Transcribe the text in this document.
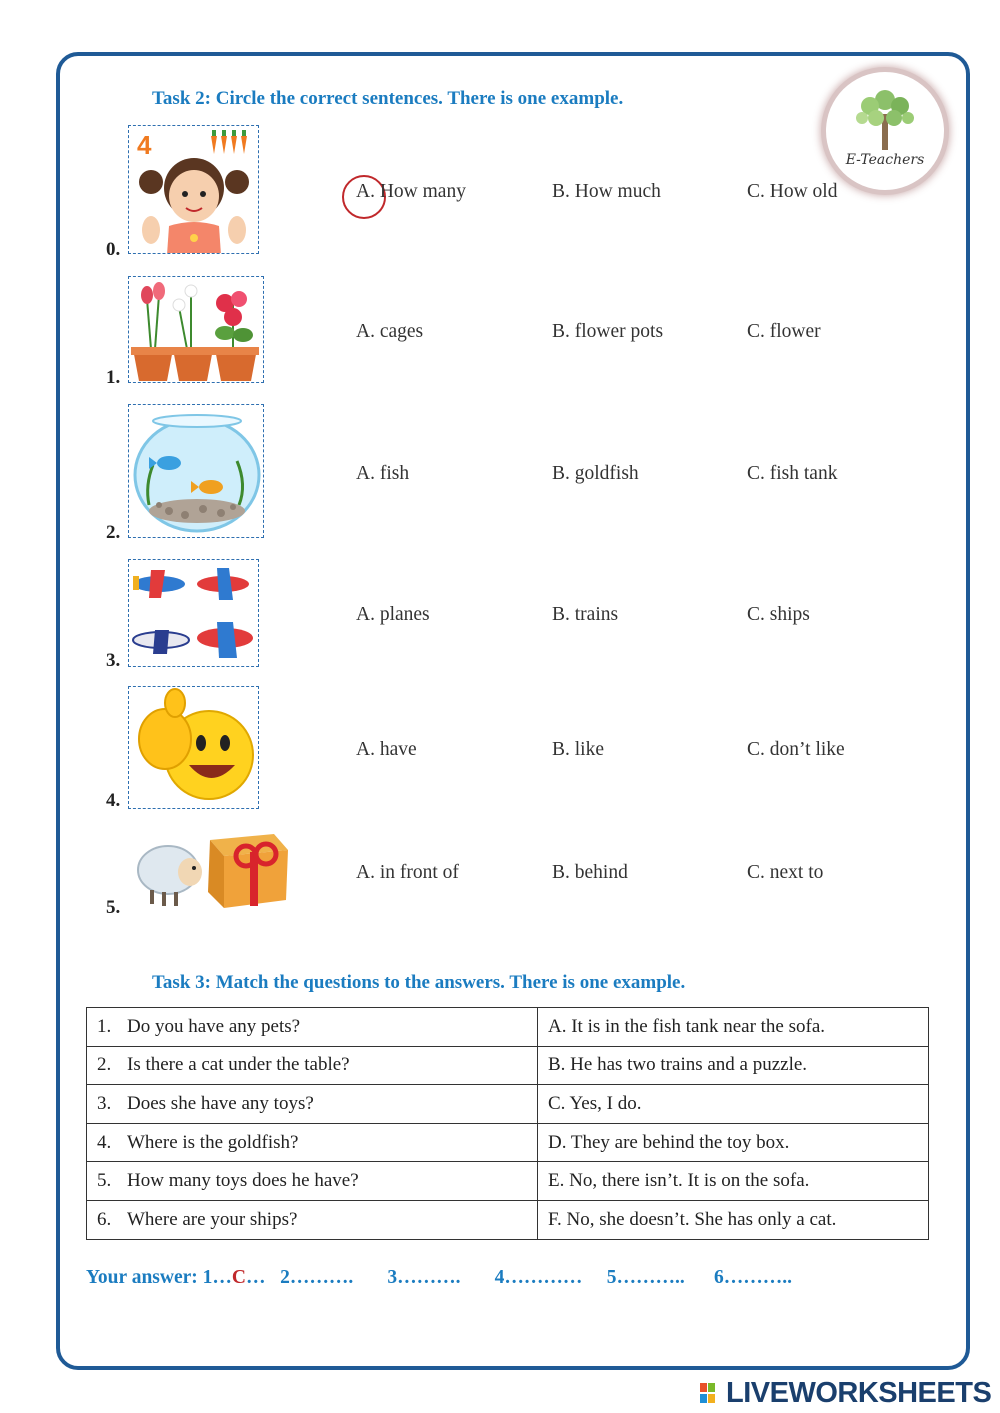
Task 2: Circle the correct sentences. There is one example.
E-Teachers
4
0.
A. How many	B. How much	C. How old
1.
A. cages	B. flower pots	C. flower
2.
A. fish	B. goldfish	C. fish tank
3.
A. planes	B. trains	C. ships
4.
A. have	B. like	C. don’t like
5.
A. in front of	B. behind	C. next to
Task 3: Match the questions to the answers. There is one example.
1. Do you have any pets?	A. It is in the fish tank near the sofa.
2. Is there a cat under the table?	B. He has two trains and a puzzle.
3. Does she have any toys?	C. Yes, I do.
4. Where is the goldfish?	D. They are behind the toy box.
5. How many toys does he have?	E. No, there isn’t. It is on the sofa.
6. Where are your ships?	F. No, she doesn’t. She has only a cat.
Your answer: 1…C…   2……….       3……….       4…………     5………..      6………..
LIVEWORKSHEETS
